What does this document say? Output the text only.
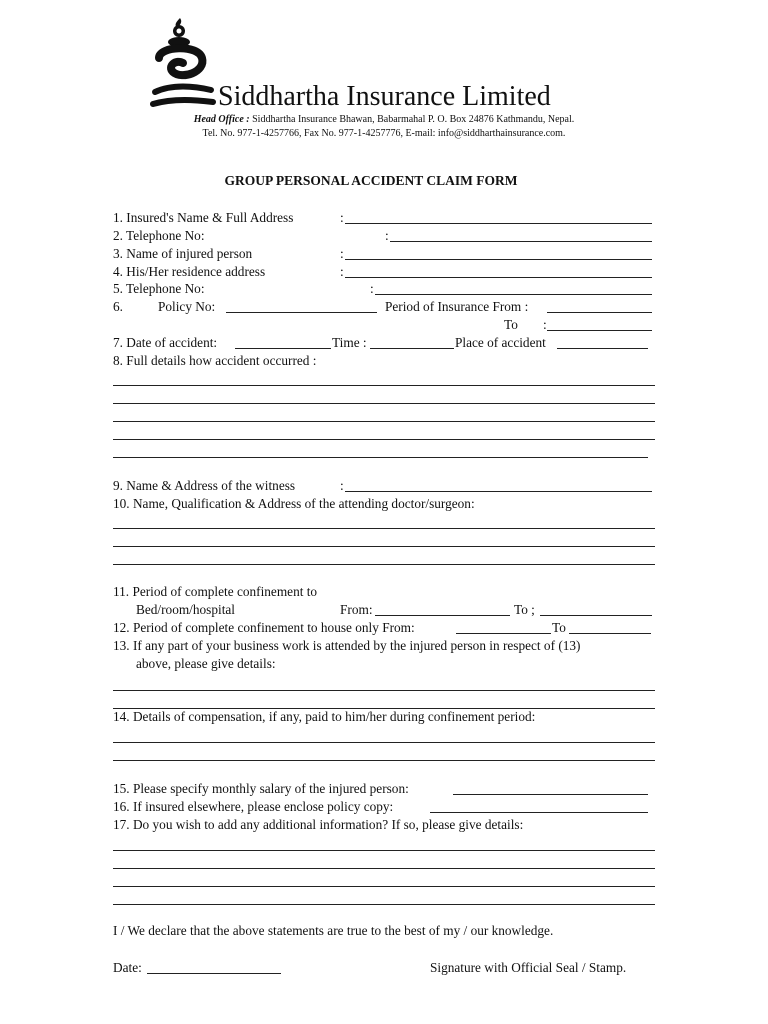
Siddhartha Insurance Limited
Head Office : Siddhartha Insurance Bhawan, Babarmahal P. O. Box 24876 Kathmandu, Nepal.
Tel. No. 977-1-4257766, Fax No. 977-1-4257776, E-mail: info@siddharthainsurance.com.
GROUP PERSONAL ACCIDENT CLAIM FORM
1. Insured's Name & Full Address	:
2. Telephone No:	:
3. Name of injured person	:
4. His/Her residence address	:
5. Telephone No:	:
6.	Policy No:	Period of Insurance From :
To :
7. Date of accident:	Time :	Place of accident
8. Full details how accident occurred :
9. Name & Address of the witness	:
10. Name, Qualification & Address of the attending doctor/surgeon:
11. Period of complete confinement to
Bed/room/hospital	From:	To ;
12. Period of complete confinement to house only From:	To
13. If any part of your business work is attended by the injured person in respect of (13)
above, please give details:
14. Details of compensation, if any, paid to him/her during confinement period:
15. Please specify monthly salary of the injured person:
16. If insured elsewhere, please enclose policy copy:
17. Do you wish to add any additional information? If so, please give details:
I / We declare that the above statements are true to the best of my / our knowledge.
Date:	Signature with Official Seal / Stamp.
